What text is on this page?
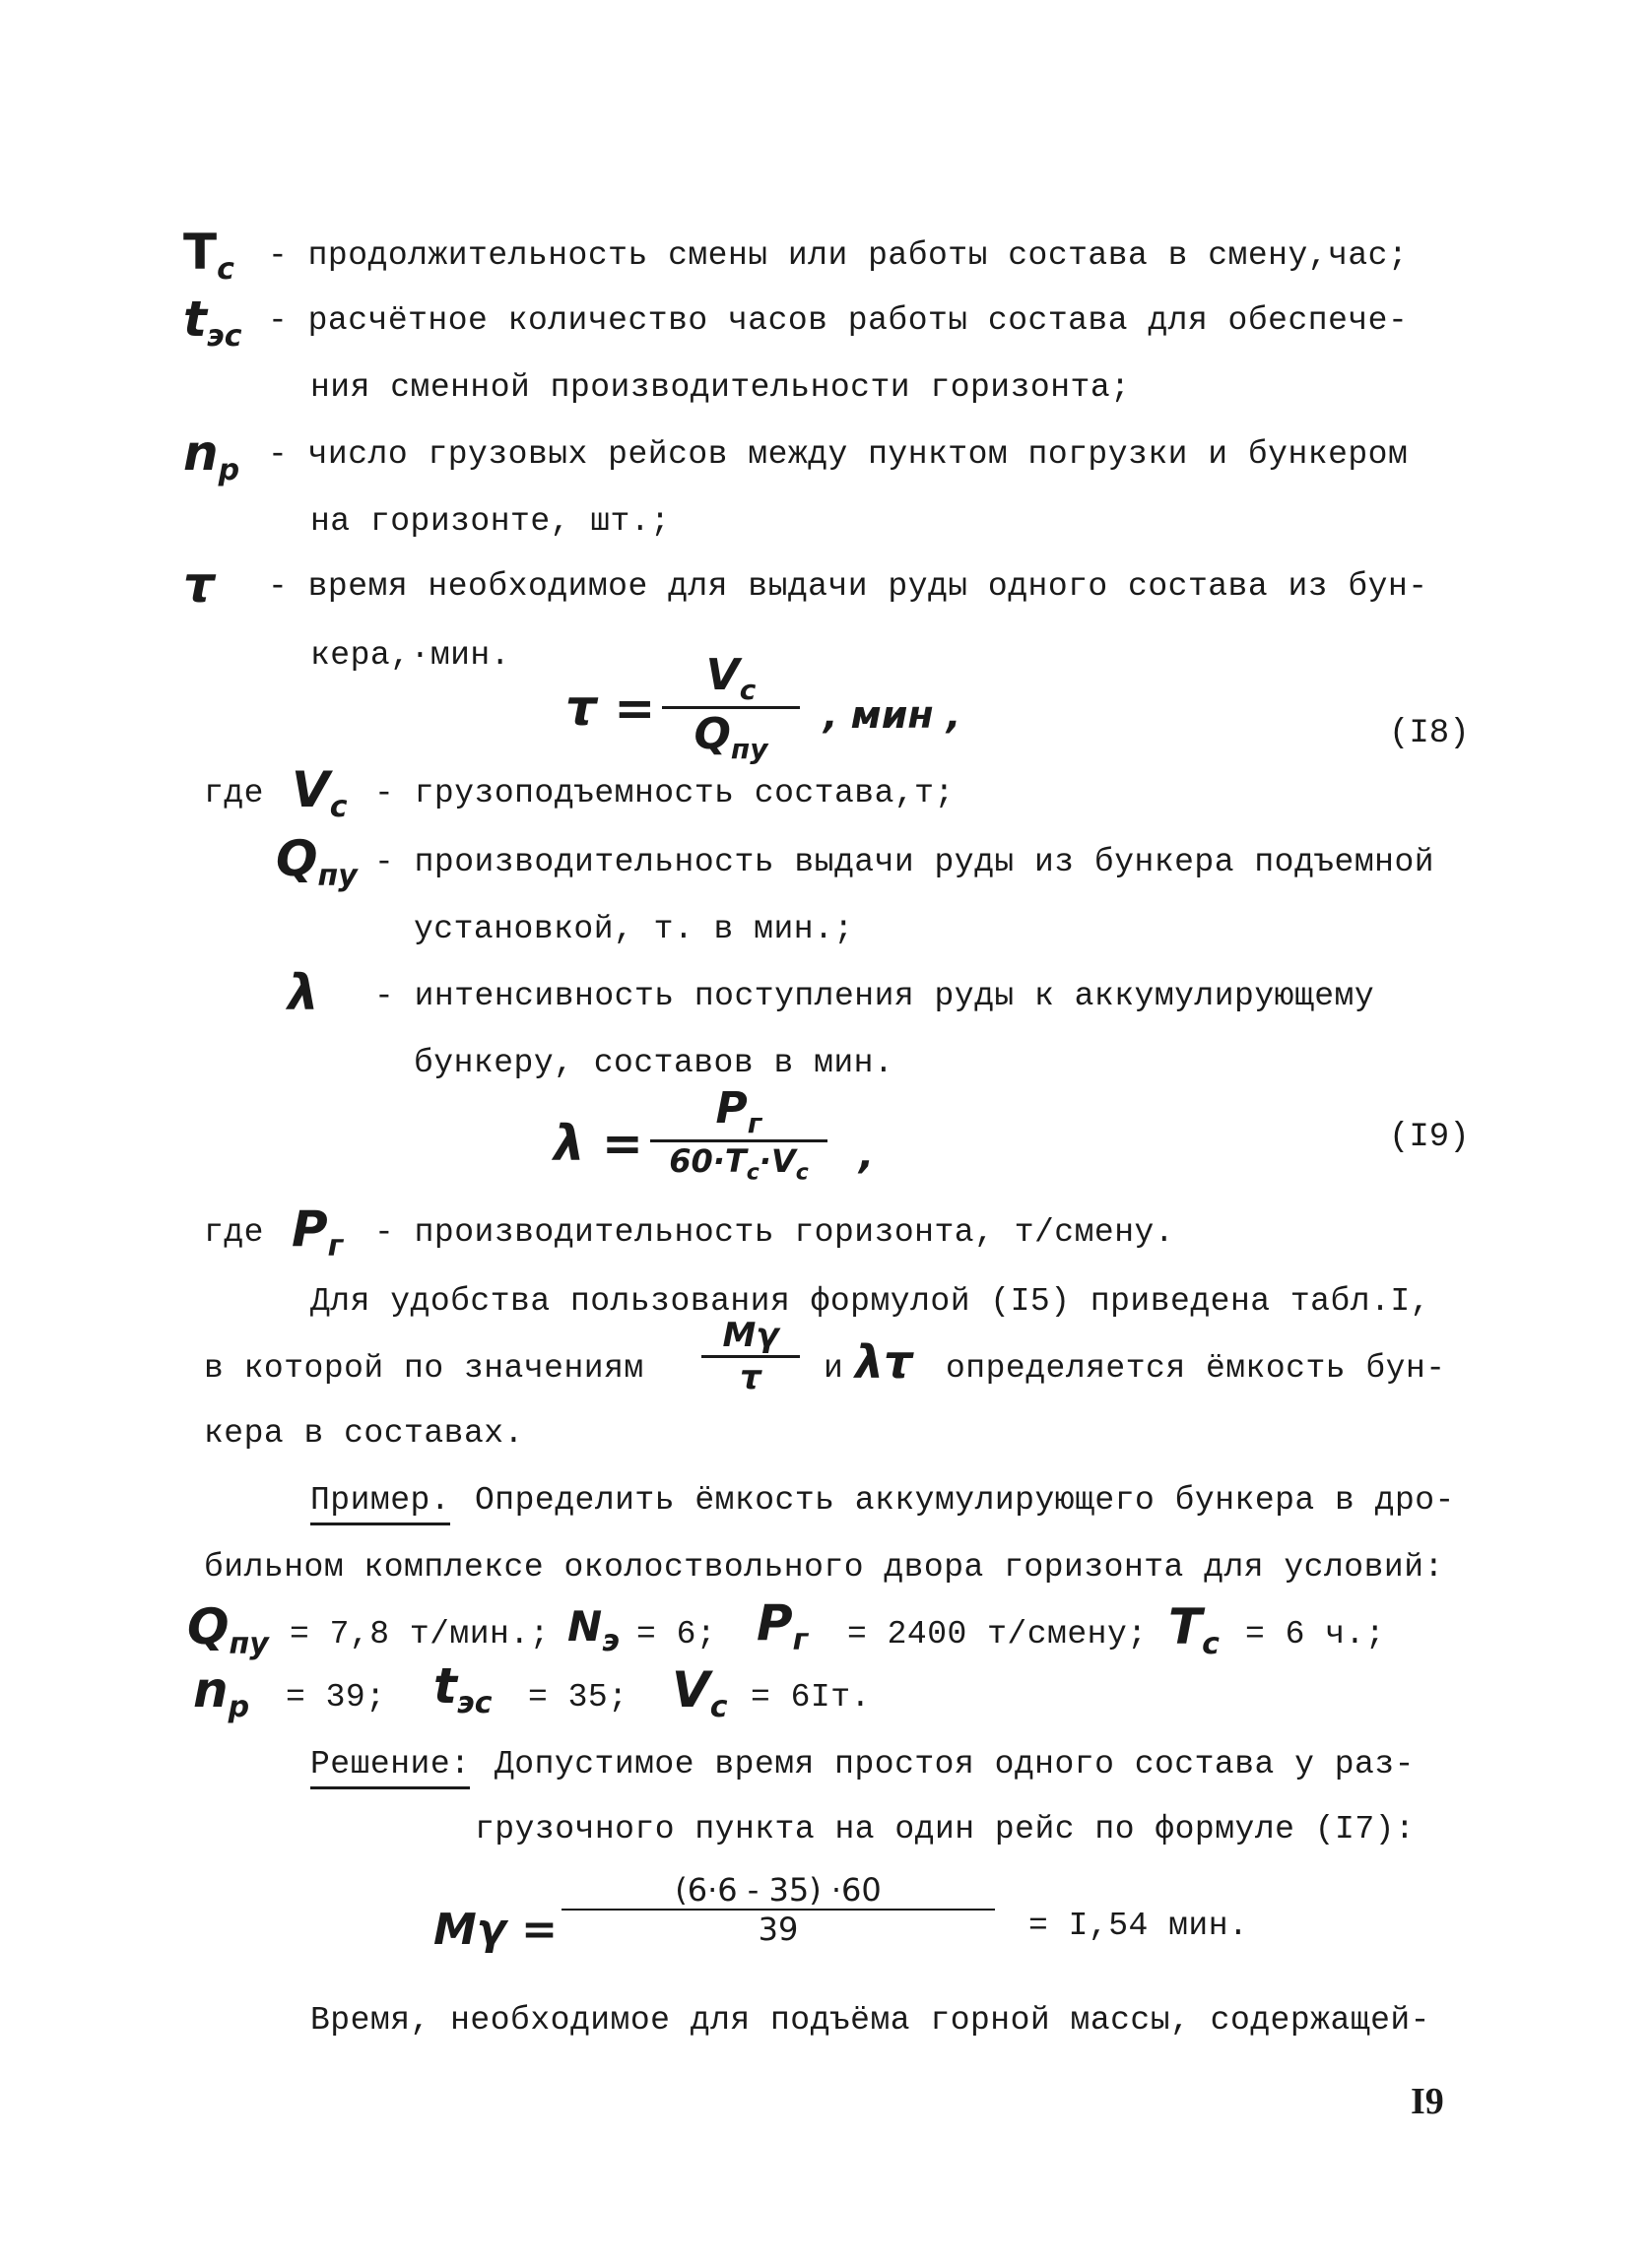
$T_c$ - продолжительность смены или работы состава в смену,час;
$t_{эс}$ - расчётное количество часов работы состава для обеспече-
ния сменной производительности горизонта;
$n_р$ - число грузовых рейсов между пунктом погрузки и бункером
на горизонте, шт.;
τ - время необходимое для выдачи руды одного состава из бун-
кера,·мин.
τ =
$V_c$
$Q_{пу}$
, мин ,	(I8)
где $V_c$ - грузоподъемность состава,т;
$Q_{пу}$ - производительность выдачи руды из бункера подъемной
установкой, т. в мин.;
λ - интенсивность поступления руды к аккумулирующему
бункеру, составов в мин.
λ =
$P_г$
$60\cdot T_c\cdot V_c$ ,	(I9)
где $P_г$ - производительность горизонта, т/смену.
Для удобства пользования формулой (I5) приведена табл.I,
в которой по значениям
Mγ
τ и λτ определяется ёмкость бун-
кера в составах.
Пример. Определить ёмкость аккумулирующего бункера в дро-
бильном комплексе околоствольного двора горизонта для условий:
$Q_{пу} = 7,8$ т/мин.; $N_э = 6$; $P_г = 2400$ т/смену; $T_c = 6$ ч.;
$n_р = 39$; $t_{эс} = 35$; $V_c = 6Iт$.
Решение: Допустимое время простоя одного состава у раз-
грузочного пункта на один рейс по формуле (I7):
Mγ =
(6·6 - 35) ·60
39	= I,54 мин.
Время, необходимое для подъёма горной массы, содержащей-
I9
